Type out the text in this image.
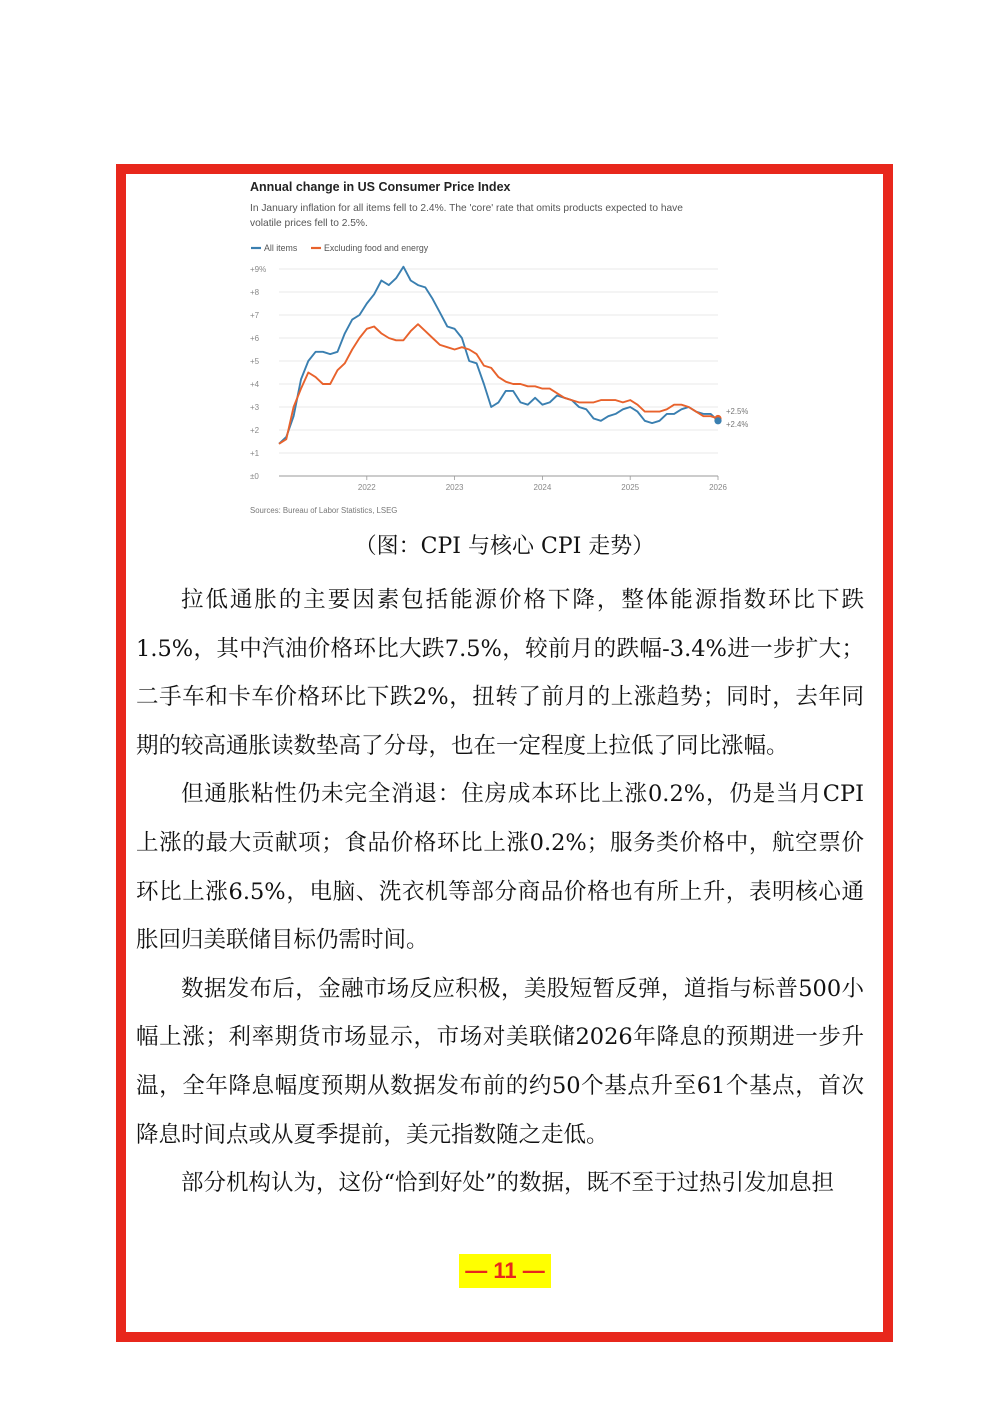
Annual change in US Consumer Price Index
In January inflation for all items fell to 2.4%. The 'core' rate that omits products expected to have
volatile prices fell to 2.5%.
All items	Excluding food and energy
±0
+1
+2
+3
+4
+5
+6
+7
+8
+9%
2022	2023	2024	2025	2026
+2.5%
+2.4%
Sources: Bureau of Labor Statistics, LSEG
（图：CPI 与核心 CPI 走势）

拉低通胀的主要因素包括能源价格下降，整体能源指数环比下跌1.5%，其中汽油价格环比大跌7.5%，较前月的跌幅-3.4%进一步扩大；二手车和卡车价格环比下跌2%，扭转了前月的上涨趋势；同时，去年同期的较高通胀读数垫高了分母，也在一定程度上拉低了同比涨幅。

但通胀粘性仍未完全消退：住房成本环比上涨0.2%，仍是当月CPI上涨的最大贡献项；食品价格环比上涨0.2%；服务类价格中，航空票价环比上涨6.5%，电脑、洗衣机等部分商品价格也有所上升，表明核心通胀回归美联储目标仍需时间。

数据发布后，金融市场反应积极，美股短暂反弹，道指与标普500小幅上涨；利率期货市场显示，市场对美联储2026年降息的预期进一步升温，全年降息幅度预期从数据发布前的约50个基点升至61个基点，首次降息时间点或从夏季提前，美元指数随之走低。

部分机构认为，这份“恰到好处”的数据，既不至于过热引发加息担

— 11 —
